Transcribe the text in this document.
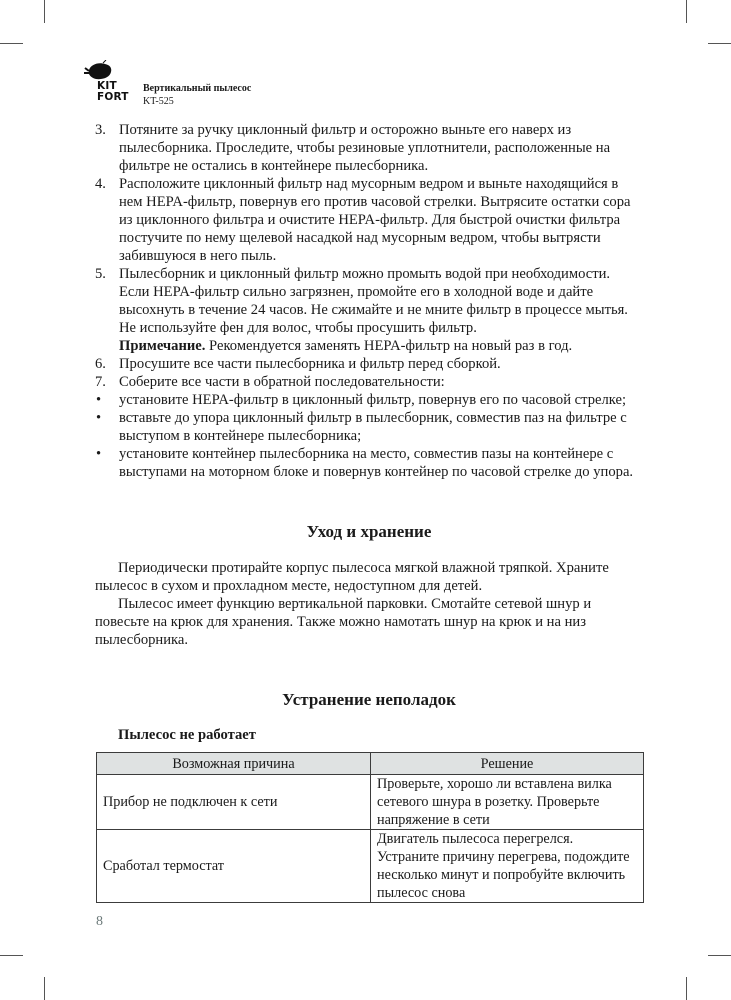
KIT
FORT
Вертикальный пылесос
KT-525
3. Потяните за ручку циклонный фильтр и осторожно выньте его наверх из пылесборника. Проследите, чтобы резиновые уплотнители, расположенные на фильтре не остались в контейнере пылесборника.
4. Расположите циклонный фильтр над мусорным ведром и выньте находящийся в нем HEPA-фильтр, повернув его против часовой стрелки. Вытрясите остатки сора из циклонного фильтра и очистите HEPA-фильтр. Для быстрой очистки фильтра постучите по нему щелевой насадкой над мусорным ведром, чтобы вытрясти забившуюся в него пыль.
5. Пылесборник и циклонный фильтр можно промыть водой при необходимости. Если HEPA-фильтр сильно загрязнен, промойте его в холодной воде и дайте высохнуть в течение 24 часов. Не сжимайте и не мните фильтр в процессе мытья. Не используйте фен для волос, чтобы просушить фильтр.
Примечание. Рекомендуется заменять HEPA-фильтр на новый раз в год.
6. Просушите все части пылесборника и фильтр перед сборкой.
7. Соберите все части в обратной последовательности:
• установите HEPA-фильтр в циклонный фильтр, повернув его по часовой стрелке;
• вставьте до упора циклонный фильтр в пылесборник, совместив паз на фильтре с выступом в контейнере пылесборника;
• установите контейнер пылесборника на место, совместив пазы на контейнере с выступами на моторном блоке и повернув контейнер по часовой стрелке до упора.
Уход и хранение

Периодически протирайте корпус пылесоса мягкой влажной тряпкой. Храните пылесос в сухом и прохладном месте, недоступном для детей.

Пылесос имеет функцию вертикальной парковки. Смотайте сетевой шнур и повесьте на крюк для хранения. Также можно намотать шнур на крюк и на низ пылесборника.

Устранение неполадок
Пылесос не работает
Возможная причина	Решение
Прибор не подключен к сети	Проверьте, хорошо ли вставлена вилка сетевого шнура в розетку. Проверьте напряжение в сети
Сработал термостат	Двигатель пылесоса перегрелся. Устраните причину перегрева, подождите несколько минут и попробуйте включить пылесос снова
8
